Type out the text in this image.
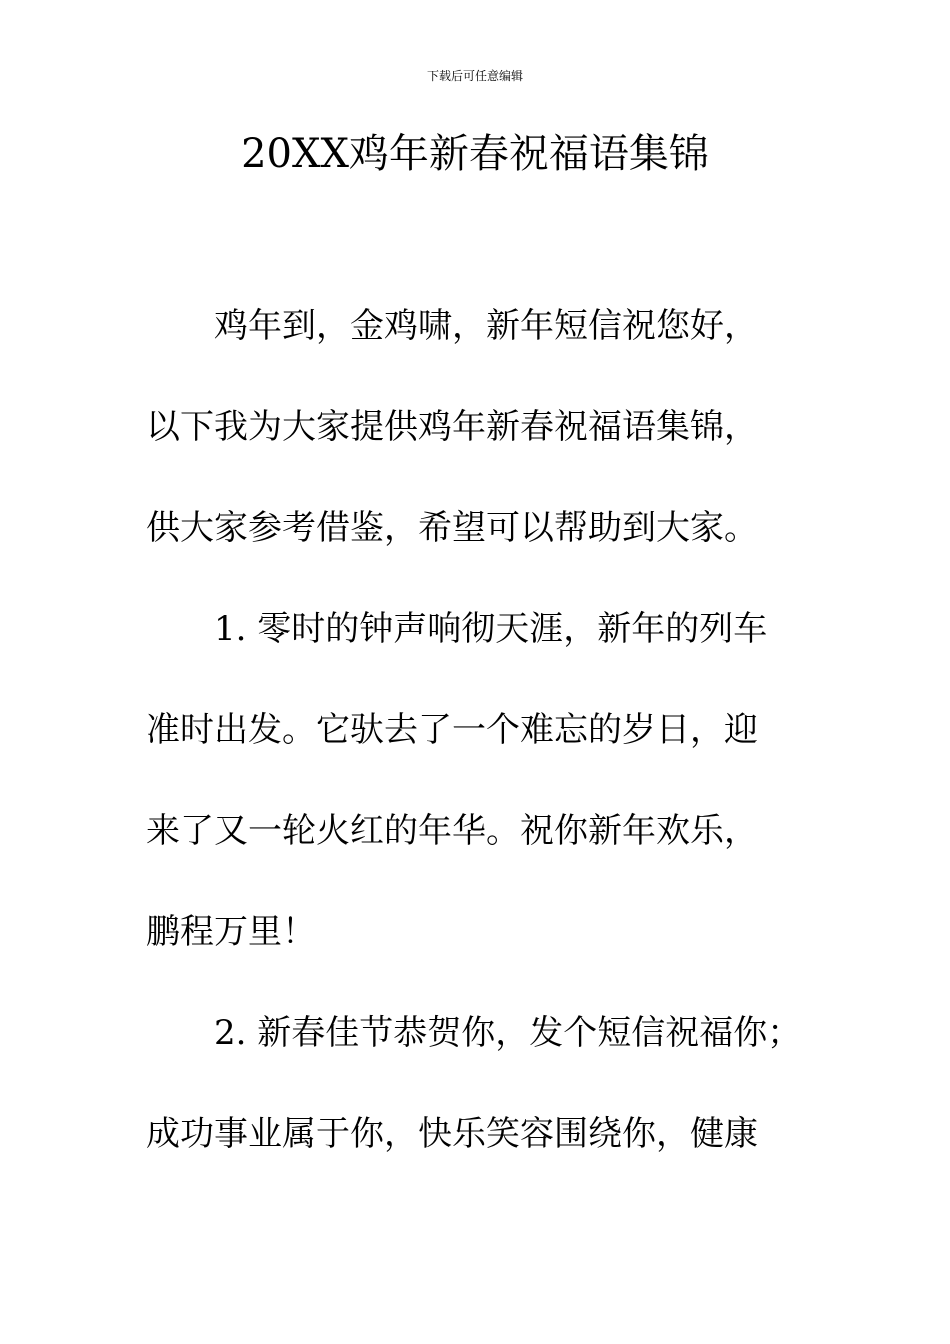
下载后可任意编辑
20XX鸡年新春祝福语集锦
鸡年到，金鸡啸，新年短信祝您好，
以下我为大家提供鸡年新春祝福语集锦，
供大家参考借鉴，希望可以帮助到大家。
1. 零时的钟声响彻天涯，新年的列车
准时出发。它驮去了一个难忘的岁日，迎
来了又一轮火红的年华。祝你新年欢乐，
鹏程万里！
2. 新春佳节恭贺你，发个短信祝福你；
成功事业属于你，快乐笑容围绕你，健康
